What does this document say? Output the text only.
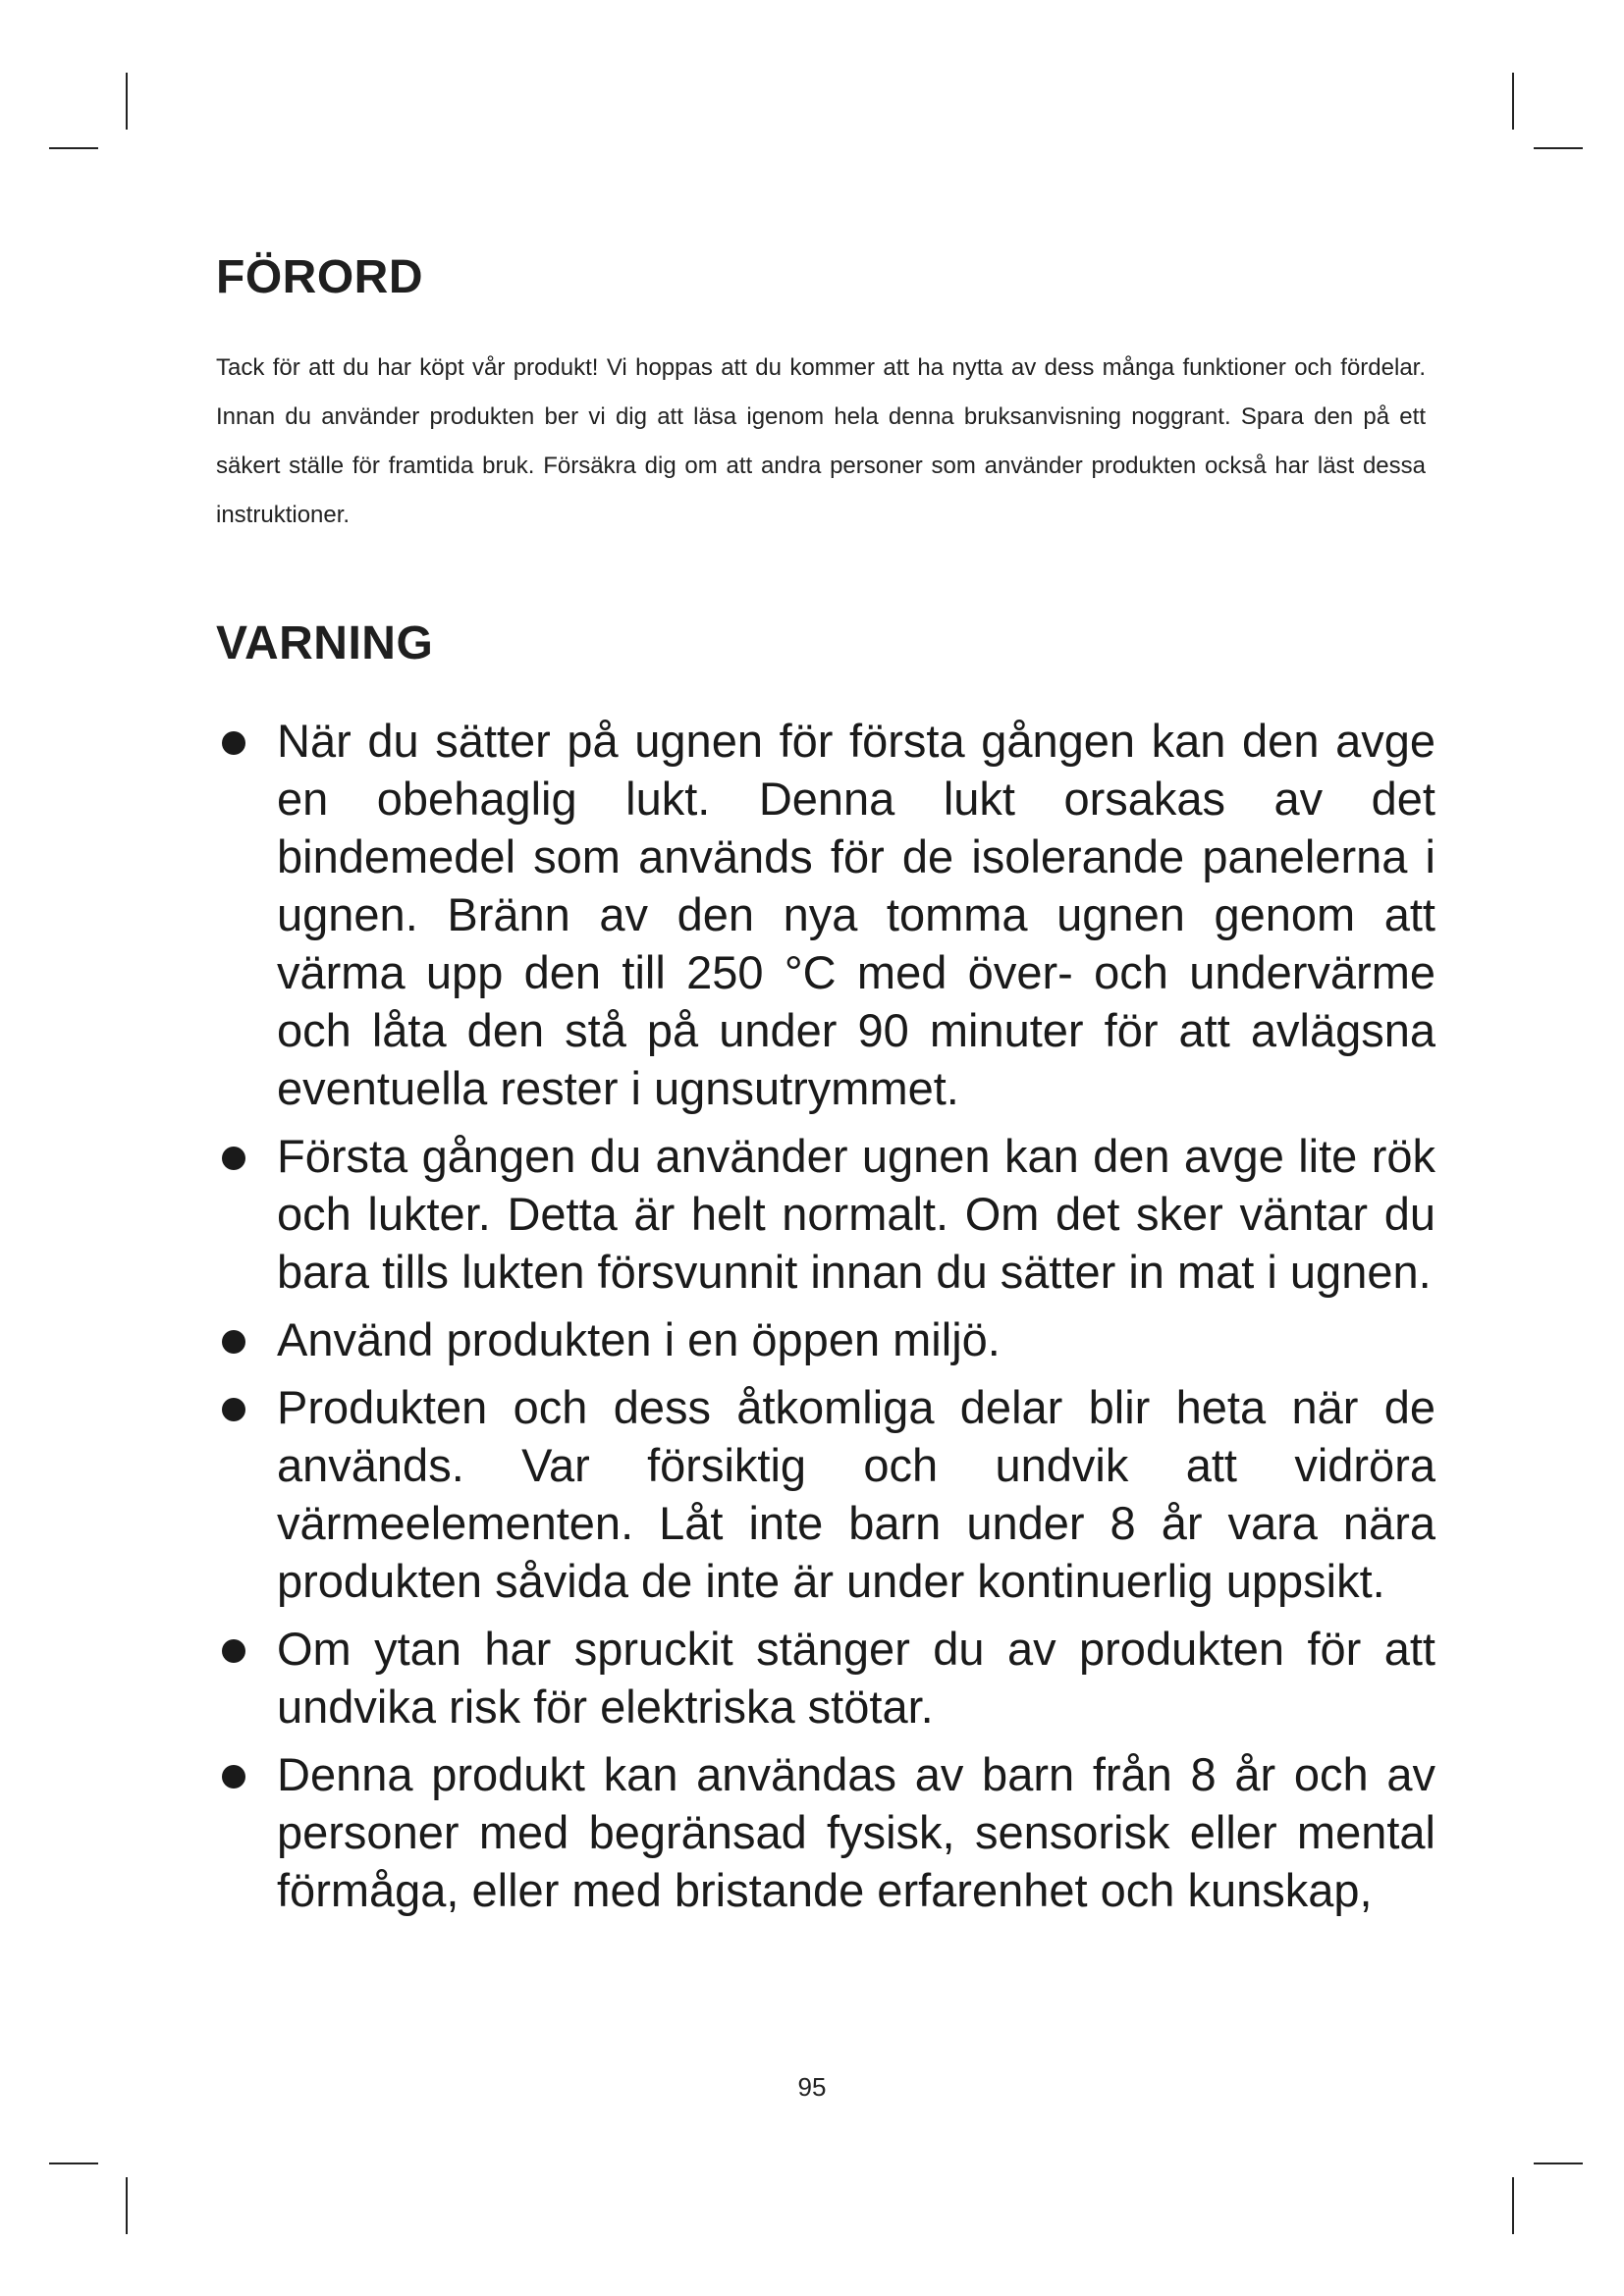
FÖRORD

Tack för att du har köpt vår produkt! Vi hoppas att du kommer att ha nytta av dess många funktioner och fördelar. Innan du använder produkten ber vi dig att läsa igenom hela denna bruksanvisning noggrant. Spara den på ett säkert ställe för framtida bruk. Försäkra dig om att andra personer som använder produkten också har läst dessa instruktioner.

VARNING
När du sätter på ugnen för första gången kan den avge en obehaglig lukt. Denna lukt orsakas av det bindemedel som används för de isolerande panelerna i ugnen. Bränn av den nya tomma ugnen genom att värma upp den till 250 °C med över- och undervärme och låta den stå på under 90 minuter för att avlägsna eventuella rester i ugnsutrymmet.
Första gången du använder ugnen kan den avge lite rök och lukter. Detta är helt normalt. Om det sker väntar du bara tills lukten försvunnit innan du sätter in mat i ugnen.
Använd produkten i en öppen miljö.
Produkten och dess åtkomliga delar blir heta när de används. Var försiktig och undvik att vidröra värmeelementen. Låt inte barn under 8 år vara nära produkten såvida de inte är under kontinuerlig uppsikt.
Om ytan har spruckit stänger du av produkten för att undvika risk för elektriska stötar.
Denna produkt kan användas av barn från 8 år och av personer med begränsad fysisk, sensorisk eller mental förmåga, eller med bristande erfarenhet och kunskap,
95
